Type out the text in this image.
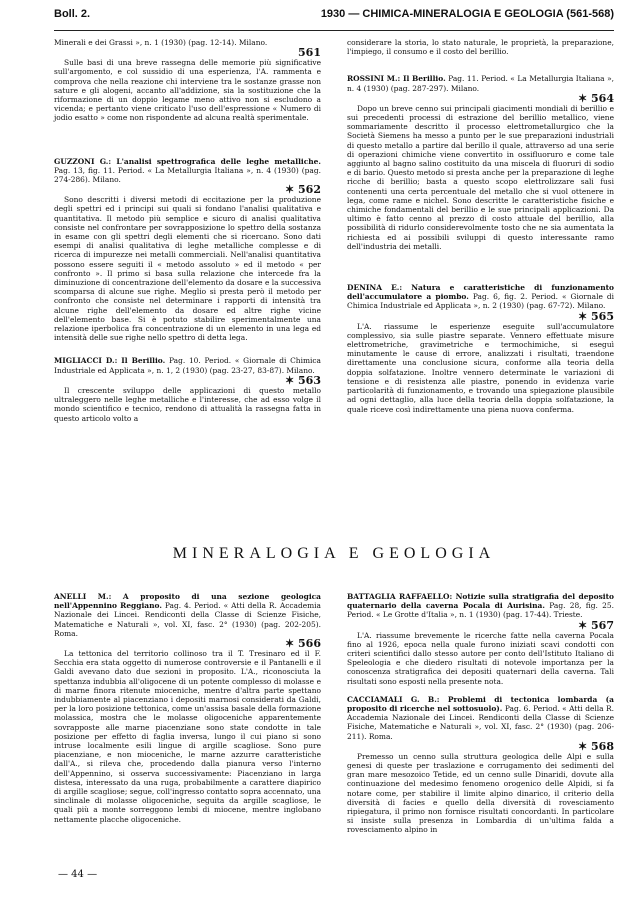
Boll. 2.	1930 — CHIMICA-MINERALOGIA E GEOLOGIA (561-568)
Minerali e dei Grassi », n. 1 (1930) (pag. 12-14). Milano.
561
Sulle basi di una breve rassegna delle memorie più significative sull'argomento, e col sussidio di una esperienza, l'A. rammenta e comprova che nella reazione chi interviene tra le sostanze grasse non sature e gli alogeni, accanto all'addizione, sia la sostituzione che la riformazione di un doppio legame meno attivo non si escludono a vicenda; e pertanto viene criticato l'uso dell'espressione « Numero di jodio esatto » come non rispondente ad alcuna realtà sperimentale.
GUZZONI G.: L'analisi spettrografica delle leghe metalliche. Pag. 13, fig. 11. Period. « La Metallurgia Italiana », n. 4 (1930) (pag. 274-286). Milano.
✶ 562
Sono descritti i diversi metodi di eccitazione per la produzione degli spettri ed i principi sui quali si fondano l'analisi qualitativa e quantitativa. Il metodo più semplice e sicuro di analisi qualitativa consiste nel confrontare per sovrapposizione lo spettro della sostanza in esame con gli spettri degli elementi che si ricercano. Sono dati esempi di analisi qualitativa di leghe metalliche complesse e di ricerca di impurezze nei metalli commerciali. Nell'analisi quantitativa possono essere seguiti il « metodo assoluto » ed il metodo « per confronto ». Il primo si basa sulla relazione che intercede fra la diminuzione di concentrazione dell'elemento da dosare e la successiva scomparsa di alcune sue righe. Meglio si presta però il metodo per confronto che consiste nel determinare i rapporti di intensità tra alcune righe dell'elemento da dosare ed altre righe vicine dell'elemento base. Si è potuto stabilire sperimentalmente una relazione iperbolica fra concentrazione di un elemento in una lega ed intensità delle sue righe nello spettro di detta lega.
MIGLIACCI D.: Il Berillio. Pag. 10. Period. « Giornale di Chimica Industriale ed Applicata », n. 1, 2 (1930) (pag. 23-27, 83-87). Milano.
✶ 563
Il crescente sviluppo delle applicazioni di questo metallo ultraleggero nelle leghe metalliche e l'interesse, che ad esso volge il mondo scientifico e tecnico, rendono di attualità la rassegna fatta in questo articolo volto a
considerare la storia, lo stato naturale, le proprietà, la preparazione, l'impiego, il consumo e il costo del berillio.
ROSSINI M.: Il Berillio. Pag. 11. Period. « La Metallurgia Italiana », n. 4 (1930) (pag. 287-297). Milano.
✶ 564
Dopo un breve cenno sui principali giacimenti mondiali di berillio e sui precedenti processi di estrazione del berillio metallico, viene sommariamente descritto il processo elettrometallurgico che la Società Siemens ha messo a punto per le sue preparazioni industriali di questo metallo a partire dal berillo il quale, attraverso ad una serie di operazioni chimiche viene convertito in ossifluoruro e come tale aggiunto al bagno salino costituito da una miscela di fluoruri di sodio e di bario. Questo metodo si presta anche per la preparazione di leghe ricche di berillio; basta a questo scopo elettrolizzare sali fusi contenenti una certa percentuale del metallo che si vuol ottenere in lega, come rame e nichel. Sono descritte le caratteristiche fisiche e chimiche fondamentali del berillio e le sue principali applicazioni. Da ultimo è fatto cenno al prezzo di costo attuale del berillio, alla possibilità di ridurlo considerevolmente tosto che ne sia aumentata la richiesta ed ai possibili sviluppi di questo interessante ramo dell'industria dei metalli.
DENINA E.: Natura e caratteristiche di funzionamento dell'accumulatore a piombo. Pag. 6, fig. 2. Period. « Giornale di Chimica Industriale ed Applicata », n. 2 (1930) (pag. 67-72). Milano.
✶ 565
L'A. riassume le esperienze eseguite sull'accumulatore complessivo, sia sulle piastre separate. Vennero effettuate misure elettrometriche, gravimetriche e termochimiche, si eseguì minutamente le cause di errore, analizzati i risultati, traendone direttamente una conclusione sicura, conforme alla teoria della doppia solfatazione. Inoltre vennero determinate le variazioni di tensione e di resistenza alle piastre, ponendo in evidenza varie particolarità di funzionamento, e trovando una spiegazione plausibile ad ogni dettaglio, alla luce della teoria della doppia solfatazione, la quale riceve così indirettamente una piena nuova conferma.
MINERALOGIA E GEOLOGIA
ANELLI M.: A proposito di una sezione geologica nell'Appennino Reggiano. Pag. 4. Period. « Atti della R. Accademia Nazionale dei Lincei. Rendiconti della Classe di Scienze Fisiche, Matematiche e Naturali », vol. XI, fasc. 2° (1930) (pag. 202-205). Roma.
✶ 566
La tettonica del territorio collinoso tra il T. Tresinaro ed il F. Secchia era stata oggetto di numerose controversie e il Pantanelli e il Galdi avevano dato due sezioni in proposito. L'A., riconosciuta la spettanza indubbia all'oligocene di un potente complesso di molasse e di marne finora ritenute mioceniche, mentre d'altra parte spettano indubbiamente al piacenziano i depositi marnosi considerati da Galdi, per la loro posizione tettonica, come un'assisa basale della formazione molassica, mostra che le molasse oligoceniche apparentemente sovrapposte alle marne piacenziane sono state condotte in tale posizione per effetto di faglia inversa, lungo il cui piano si sono intruse localmente esili lingue di argille scagliose. Sono pure piacenziane, e non mioceniche, le marne azzurre caratteristiche dall'A., si rileva che, procedendo dalla pianura verso l'interno dell'Appennino, si osserva successivamente: Piacenziano in larga distesa, interessato da una ruga, probabilmente a carattere diapirico di argille scagliose; segue, coll'ingresso contatto sopra accennato, una sinclinale di molasse oligoceniche, seguita da argille scagliose, le quali più a monte sorreggono lembi di miocene, mentre inglobano nettamente placche oligoceniche.
BATTAGLIA RAFFAELLO: Notizie sulla stratigrafia del deposito quaternario della caverna Pocala di Aurisina. Pag. 28, fig. 25. Period. « Le Grotte d'Italia », n. 1 (1930) (pag. 17-44). Trieste.
✶ 567
L'A. riassume brevemente le ricerche fatte nella caverna Pocala fino al 1926, epoca nella quale furono iniziati scavi condotti con criteri scientifici dallo stesso autore per conto dell'Istituto Italiano di Speleologia e che diedero risultati di notevole importanza per la conoscenza stratigrafica dei depositi quaternari della caverna. Tali risultati sono esposti nella presente nota.
CACCIAMALI G. B.: Problemi di tectonica lombarda (a proposito di ricerche nel sottosuolo). Pag. 6. Period. « Atti della R. Accademia Nazionale dei Lincei. Rendiconti della Classe di Scienze Fisiche, Matematiche e Naturali », vol. XI, fasc. 2° (1930) (pag. 206-211). Roma.
✶ 568
Premesso un cenno sulla struttura geologica delle Alpi e sulla genesi di queste per traslazione e corrugamento dei sedimenti del gran mare mesozoico Tetide, ed un cenno sulle Dinaridi, dovute alla continuazione del medesimo fenomeno orogenico delle Alpidi, si fa notare come, per stabilire il limite alpino dinarico, il criterio della diversità di facies e quello della diversità di rovesciamento ripiegatura, il primo non fornisce risultati concordanti. In particolare si insiste sulla presenza in Lombardia di un'ultima falda a rovesciamento alpino in
— 44 —
